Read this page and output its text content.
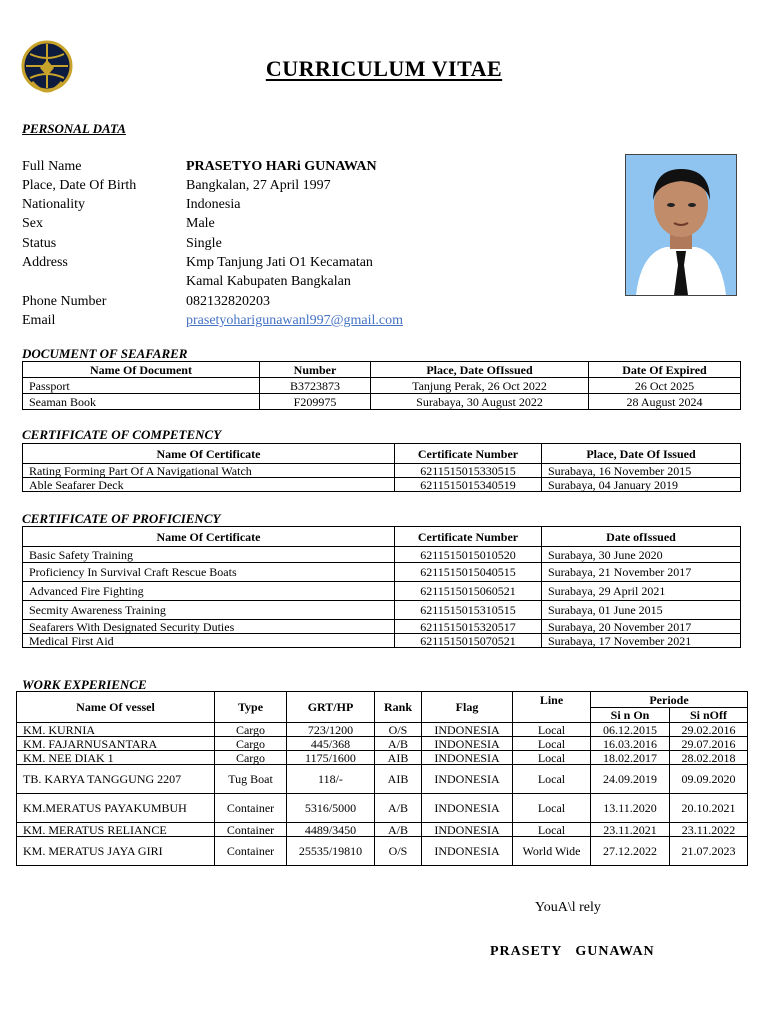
CURRICULUM VITAE
PERSONAL DATA
Full Name	PRASETYO HARi GUNAWAN
Place, Date Of Birth	Bangkalan, 27 April 1997
Nationality	Indonesia
Sex	Male
Status	Single
Address	Kmp Tanjung Jati O1 Kecamatan
Kamal Kabupaten Bangkalan
Phone Number	082132820203
Email	prasetyoharigunawanl997@gmail.com
DOCUMENT OF SEAFARER
Name Of Document	Number	Place, Date OfIssued	Date Of Expired
Passport	B3723873	Tanjung Perak, 26 Oct 2022	26 Oct 2025
Seaman Book	F209975	Surabaya, 30 August 2022	28 August 2024
CERTIFICATE OF COMPETENCY
Name Of Certificate	Certificate Number	Place, Date Of Issued
Rating Forming Part Of A Navigational Watch	6211515015330515	Surabaya, 16 November 2015
Able Seafarer Deck	6211515015340519	Surabaya, 04 January 2019
CERTIFICATE OF PROFICIENCY
Name Of Certificate	Certificate Number	Date ofIssued
Basic Safety Training	6211515015010520	Surabaya, 30 June 2020
Proficiency In Survival Craft Rescue Boats	6211515015040515	Surabaya, 21 November 2017
Advanced Fire Fighting	6211515015060521	Surabaya, 29 April 2021
Secmity Awareness Training	6211515015310515	Surabaya, 01 June 2015
Seafarers With Designated Security Duties	6211515015320517	Surabaya, 20 November 2017
Medical First Aid	6211515015070521	Surabaya, 17 November 2021
WORK EXPERIENCE
Name Of vessel	Type	GRT/HP	Rank	Flag	Line	Periode	
						Si n On	Si nOff
KM. KURNIA	Cargo	723/1200	O/S	INDONESIA	Local	06.12.2015	29.02.2016
KM. FAJARNUSANTARA	Cargo	445/368	A/B	INDONESIA	Local	16.03.2016	29.07.2016
KM. NEE DIAK 1	Cargo	1175/1600	AIB	INDONESIA	Local	18.02.2017	28.02.2018
TB. KARYA TANGGUNG 2207	Tug Boat	118/-	AIB	INDONESIA	Local	24.09.2019	09.09.2020
KM.MERATUS PAYAKUMBUH	Container	5316/5000	A/B	INDONESIA	Local	13.11.2020	20.10.2021
KM. MERATUS RELIANCE	Container	4489/3450	A/B	INDONESIA	Local	23.11.2021	23.11.2022
KM. MERATUS JAYA GIRI	Container	25535/19810	O/S	INDONESIA	World Wide	27.12.2022	21.07.2023
YouA\l rely
PRASETY   GUNAWAN
